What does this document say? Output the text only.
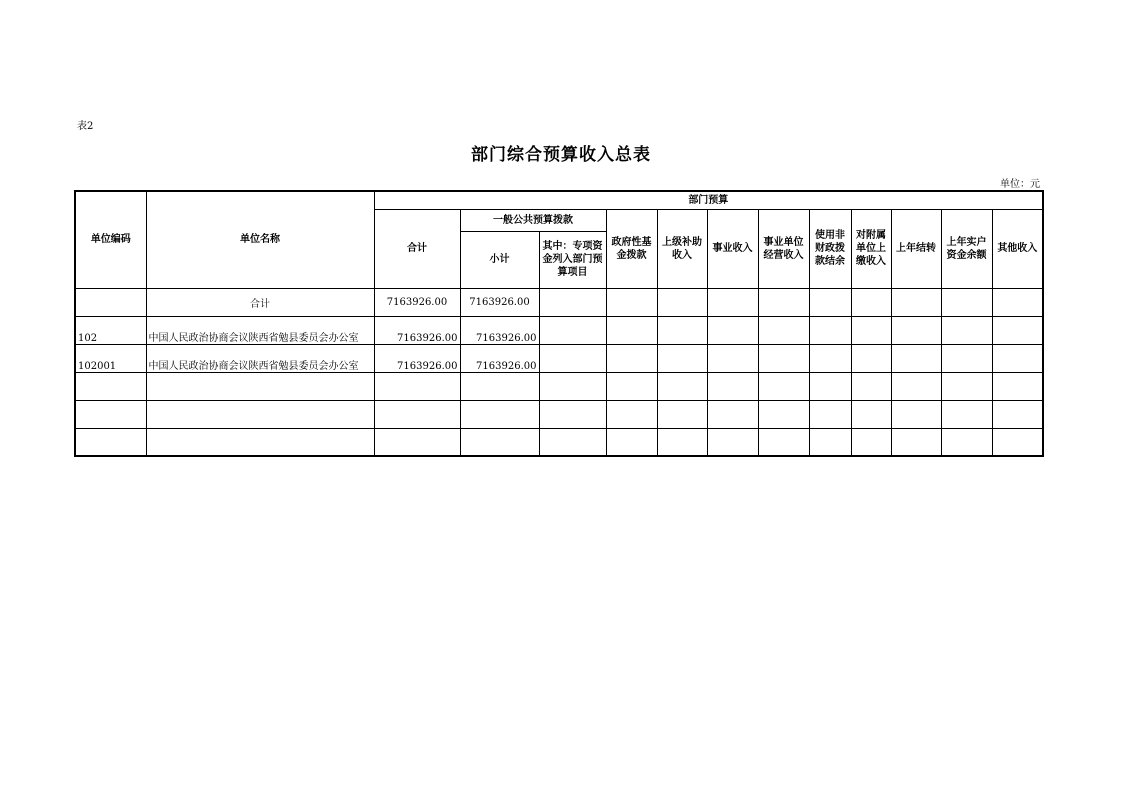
表2
部门综合预算收入总表
单位：元
单位编码	单位名称	部门预算											
		合计	一般公共预算拨款		政府性基金拨款	上级补助收入	事业收入	事业单位经营收入	使用非财政拨款结余	对附属单位上缴收入	上年结转	上年实户资金余额	其他收入
			小计	其中：专项资金列入部门预算项目									
	合计	7163926.00	7163926.00										
102	中国人民政治协商会议陕西省勉县委员会办公室	7163926.00	7163926.00										
102001	中国人民政治协商会议陕西省勉县委员会办公室	7163926.00	7163926.00										
